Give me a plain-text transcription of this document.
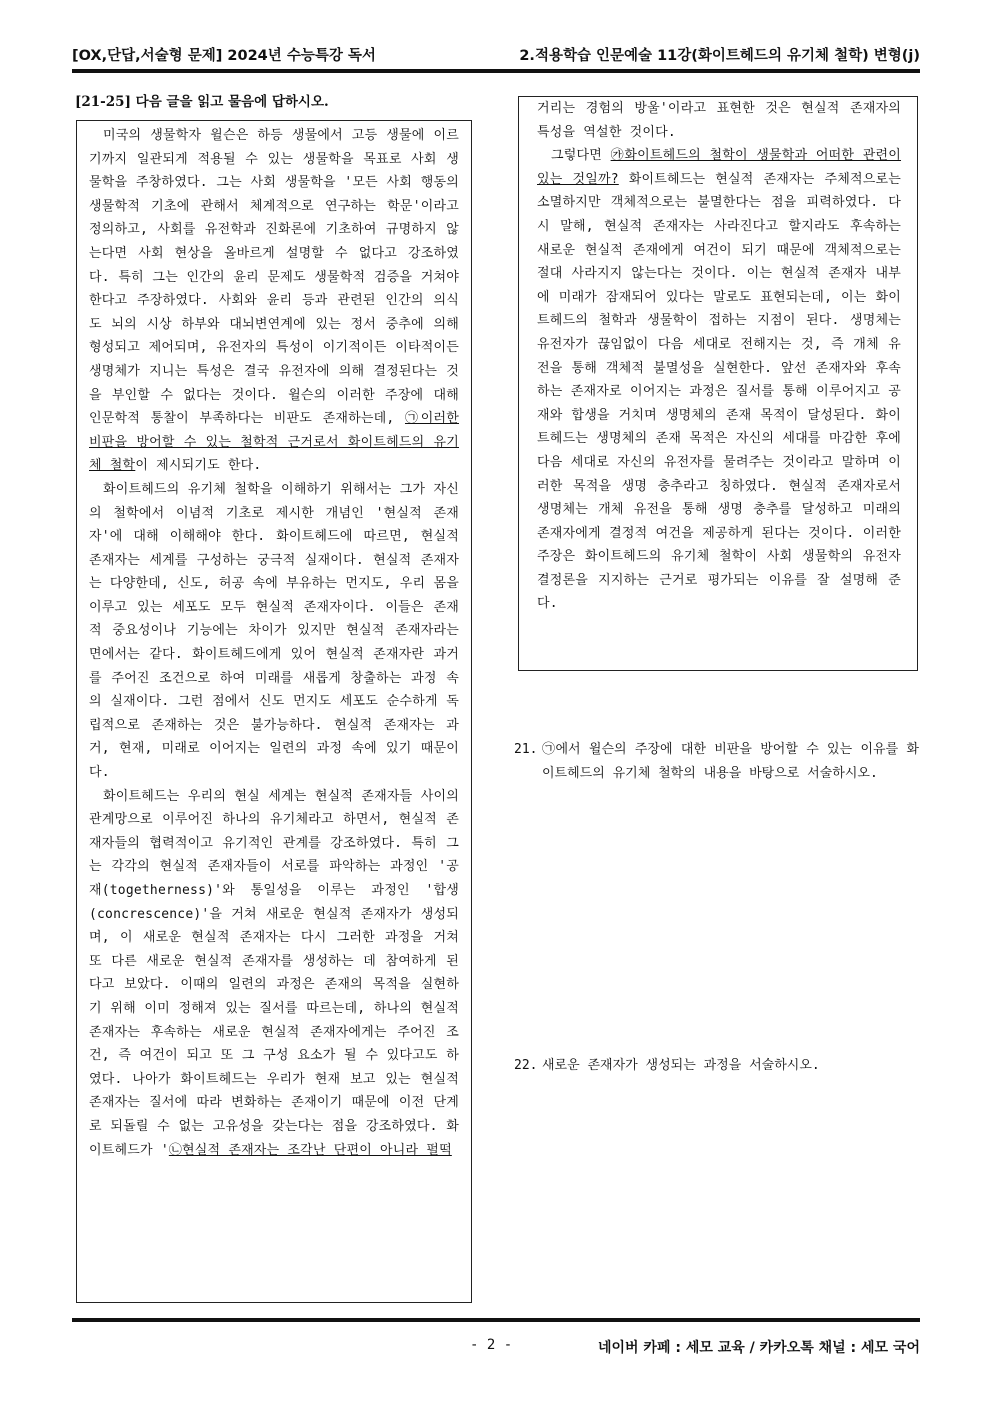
[OX,단답,서술형 문제] 2024년 수능특강 독서	2.적용학습 인문예술 11강(화이트헤드의 유기체 철학) 변형(j)
[21-25] 다음 글을 읽고 물음에 답하시오.

미국의 생물학자 윌슨은 하등 생물에서 고등 생물에 이르기까지 일관되게 적용될 수 있는 생물학을 목표로 사회 생물학을 주창하였다. 그는 사회 생물학을 '모든 사회 행동의 생물학적 기초에 관해서 체계적으로 연구하는 학문'이라고 정의하고, 사회를 유전학과 진화론에 기초하여 규명하지 않는다면 사회 현상을 올바르게 설명할 수 없다고 강조하였다. 특히 그는 인간의 윤리 문제도 생물학적 검증을 거쳐야 한다고 주장하였다. 사회와 윤리 등과 관련된 인간의 의식도 뇌의 시상 하부와 대뇌변연계에 있는 정서 중추에 의해 형성되고 제어되며, 유전자의 특성이 이기적이든 이타적이든 생명체가 지니는 특성은 결국 유전자에 의해 결정된다는 것을 부인할 수 없다는 것이다. 윌슨의 이러한 주장에 대해 인문학적 통찰이 부족하다는 비판도 존재하는데, ㉠이러한 비판을 방어할 수 있는 철학적 근거로서 화이트헤드의 유기체 철학이 제시되기도 한다.

화이트헤드의 유기체 철학을 이해하기 위해서는 그가 자신의 철학에서 이념적 기초로 제시한 개념인 '현실적 존재자'에 대해 이해해야 한다. 화이트헤드에 따르면, 현실적 존재자는 세계를 구성하는 궁극적 실재이다. 현실적 존재자는 다양한데, 신도, 허공 속에 부유하는 먼지도, 우리 몸을 이루고 있는 세포도 모두 현실적 존재자이다. 이들은 존재적 중요성이나 기능에는 차이가 있지만 현실적 존재자라는 면에서는 같다. 화이트헤드에게 있어 현실적 존재자란 과거를 주어진 조건으로 하여 미래를 새롭게 창출하는 과정 속의 실재이다. 그런 점에서 신도 먼지도 세포도 순수하게 독립적으로 존재하는 것은 불가능하다. 현실적 존재자는 과거, 현재, 미래로 이어지는 일련의 과정 속에 있기 때문이다.

화이트헤드는 우리의 현실 세계는 현실적 존재자들 사이의 관계망으로 이루어진 하나의 유기체라고 하면서, 현실적 존재자들의 협력적이고 유기적인 관계를 강조하였다. 특히 그는 각각의 현실적 존재자들이 서로를 파악하는 과정인 '공재(togetherness)'와 통일성을 이루는 과정인 '합생(concrescence)'을 거쳐 새로운 현실적 존재자가 생성되며, 이 새로운 현실적 존재자는 다시 그러한 과정을 거쳐 또 다른 새로운 현실적 존재자를 생성하는 데 참여하게 된다고 보았다. 이때의 일련의 과정은 존재의 목적을 실현하기 위해 이미 정해져 있는 질서를 따르는데, 하나의 현실적 존재자는 후속하는 새로운 현실적 존재자에게는 주어진 조건, 즉 여건이 되고 또 그 구성 요소가 될 수 있다고도 하였다. 나아가 화이트헤드는 우리가 현재 보고 있는 현실적 존재자는 질서에 따라 변화하는 존재이기 때문에 이전 단계로 되돌릴 수 없는 고유성을 갖는다는 점을 강조하였다. 화이트헤드가 '㉡현실적 존재자는 조각난 단편이 아니라 펄떡

거리는 경험의 방울'이라고 표현한 것은 현실적 존재자의 특성을 역설한 것이다.

그렇다면 ㉮화이트헤드의 철학이 생물학과 어떠한 관련이 있는 것일까? 화이트헤드는 현실적 존재자는 주체적으로는 소멸하지만 객체적으로는 불멸한다는 점을 피력하였다. 다시 말해, 현실적 존재자는 사라진다고 할지라도 후속하는 새로운 현실적 존재에게 여건이 되기 때문에 객체적으로는 절대 사라지지 않는다는 것이다. 이는 현실적 존재자 내부에 미래가 잠재되어 있다는 말로도 표현되는데, 이는 화이트헤드의 철학과 생물학이 접하는 지점이 된다. 생명체는 유전자가 끊임없이 다음 세대로 전해지는 것, 즉 개체 유전을 통해 객체적 불멸성을 실현한다. 앞선 존재자와 후속하는 존재자로 이어지는 과정은 질서를 통해 이루어지고 공재와 합생을 거치며 생명체의 존재 목적이 달성된다. 화이트헤드는 생명체의 존재 목적은 자신의 세대를 마감한 후에 다음 세대로 자신의 유전자를 물려주는 것이라고 말하며 이러한 목적을 생명 충추라고 칭하였다. 현실적 존재자로서 생명체는 개체 유전을 통해 생명 충추를 달성하고 미래의 존재자에게 결정적 여건을 제공하게 된다는 것이다. 이러한 주장은 화이트헤드의 유기체 철학이 사회 생물학의 유전자 결정론을 지지하는 근거로 평가되는 이유를 잘 설명해 준다.

21. ㉠에서 윌슨의 주장에 대한 비판을 방어할 수 있는 이유를 화이트헤드의 유기체 철학의 내용을 바탕으로 서술하시오.
22. 새로운 존재자가 생성되는 과정을 서술하시오.
- 2 -	네이버 카페 : 세모 교육 / 카카오톡 채널 : 세모 국어
